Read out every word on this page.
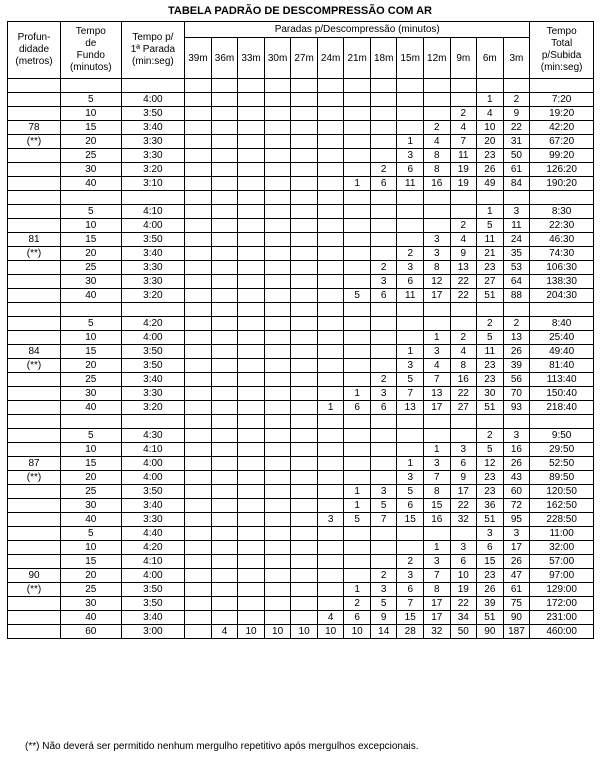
TABELA PADRÃO DE DESCOMPRESSÃO COM AR
Profun-
didade
(metros)	Tempo
de
Fundo
(minutos)	Tempo p/
1ª Parada
(min:seg)	Paradas p/Descompressão (minutos)													Tempo
Total
p/Subida
(min:seg)
			39m	36m	33m	30m	27m	24m	21m	18m	15m	12m	9m	6m	3m	

	5	4:00												1	2	7:20
	10	3:50											2	4	9	19:20
78	15	3:40										2	4	10	22	42:20
(**)	20	3:30									1	4	7	20	31	67:20
	25	3:30									3	8	11	23	50	99:20
	30	3:20								2	6	8	19	26	61	126:20
	40	3:10							1	6	11	16	19	49	84	190:20

	5	4:10												1	3	8:30
	10	4:00											2	5	11	22:30
81	15	3:50										3	4	11	24	46:30
(**)	20	3:40									2	3	9	21	35	74:30
	25	3:30								2	3	8	13	23	53	106:30
	30	3:30								3	6	12	22	27	64	138:30
	40	3:20							5	6	11	17	22	51	88	204:30

	5	4:20												2	2	8:40
	10	4:00										1	2	5	13	25:40
84	15	3:50									1	3	4	11	26	49:40
(**)	20	3:50									3	4	8	23	39	81:40
	25	3:40								2	5	7	16	23	56	113:40
	30	3:30							1	3	7	13	22	30	70	150:40
	40	3:20						1	6	6	13	17	27	51	93	218:40

	5	4:30												2	3	9:50
	10	4:10										1	3	5	16	29:50
87	15	4:00									1	3	6	12	26	52:50
(**)	20	4:00									3	7	9	23	43	89:50
	25	3:50							1	3	5	8	17	23	60	120:50
	30	3:40							1	5	6	15	22	36	72	162:50
	40	3:30						3	5	7	15	16	32	51	95	228:50
	5	4:40												3	3	11:00
	10	4:20										1	3	6	17	32:00
	15	4:10									2	3	6	15	26	57:00
90	20	4:00								2	3	7	10	23	47	97:00
(**)	25	3:50							1	3	6	8	19	26	61	129:00
	30	3:50							2	5	7	17	22	39	75	172:00
	40	3:40						4	6	9	15	17	34	51	90	231:00
	60	3:00		4	10	10	10	10	10	14	28	32	50	90	187	460:00
(**) Não deverá ser permitido nenhum mergulho repetitivo após mergulhos excepcionais.
